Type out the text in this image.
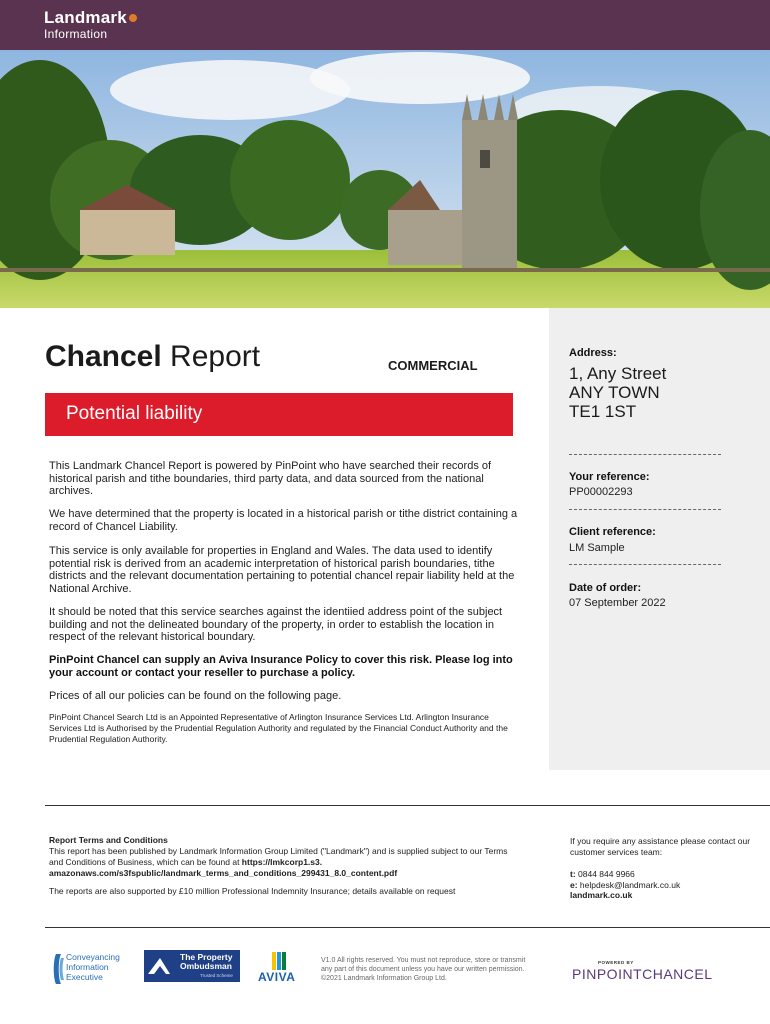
Landmark
Information
Chancel Report	COMMERCIAL
Potential liability
This Landmark Chancel Report is powered by PinPoint who have searched their records of historical parish and tithe boundaries, third party data, and data sourced from the national archives.
We have determined that the property is located in a historical parish or tithe district containing a record of Chancel Liability.
This service is only available for properties in England and Wales. The data used to identify potential risk is derived from an academic interpretation of historical parish boundaries, tithe districts and the relevant documentation pertaining to potential chancel repair liability held at the National Archive.
It should be noted that this service searches against the identiied address point of the subject building and not the delineated boundary of the property, in order to establish the location in respect of the relevant historical boundary.
PinPoint Chancel can supply an Aviva Insurance Policy to cover this risk. Please log into your account or contact your reseller to purchase a policy.
Prices of all our policies can be found on the following page.
PinPoint Chancel Search Ltd is an Appointed Representative of Arlington Insurance Services Ltd. Arlington Insurance Services Ltd is Authorised by the Prudential Regulation Authority and regulated by the Financial Conduct Authority and the Prudential Regulation Authority.
Address:
1, Any Street
ANY TOWN
TE1 1ST
Your reference:
PP00002293
Client reference:
LM Sample
Date of order:
07 September 2022
Report Terms and Conditions
This report has been published by Landmark Information Group Limited ("Landmark") and is supplied subject to our Terms and Conditions of Business, which can be found at https://lmkcorp1.s3. amazonaws.com/s3fspublic/landmark_terms_and_conditions_299431_8.0_content.pdf
The reports are also supported by £10 million Professional Indemnity Insurance; details available on request
If you require any assistance please contact our customer services team:
t: 0844 844 9966
e: helpdesk@landmark.co.uk
landmark.co.uk
Conveyancing
Information
Executive
The Property
Ombudsman
Trusted Scheme AVIVA
V1.0 All rights reserved. You must not reproduce, store or transmit any part of this document unless you have our written permission. ©2021 Landmark Information Group Ltd.
POWERED BY
PINPOINTCHANCEL
